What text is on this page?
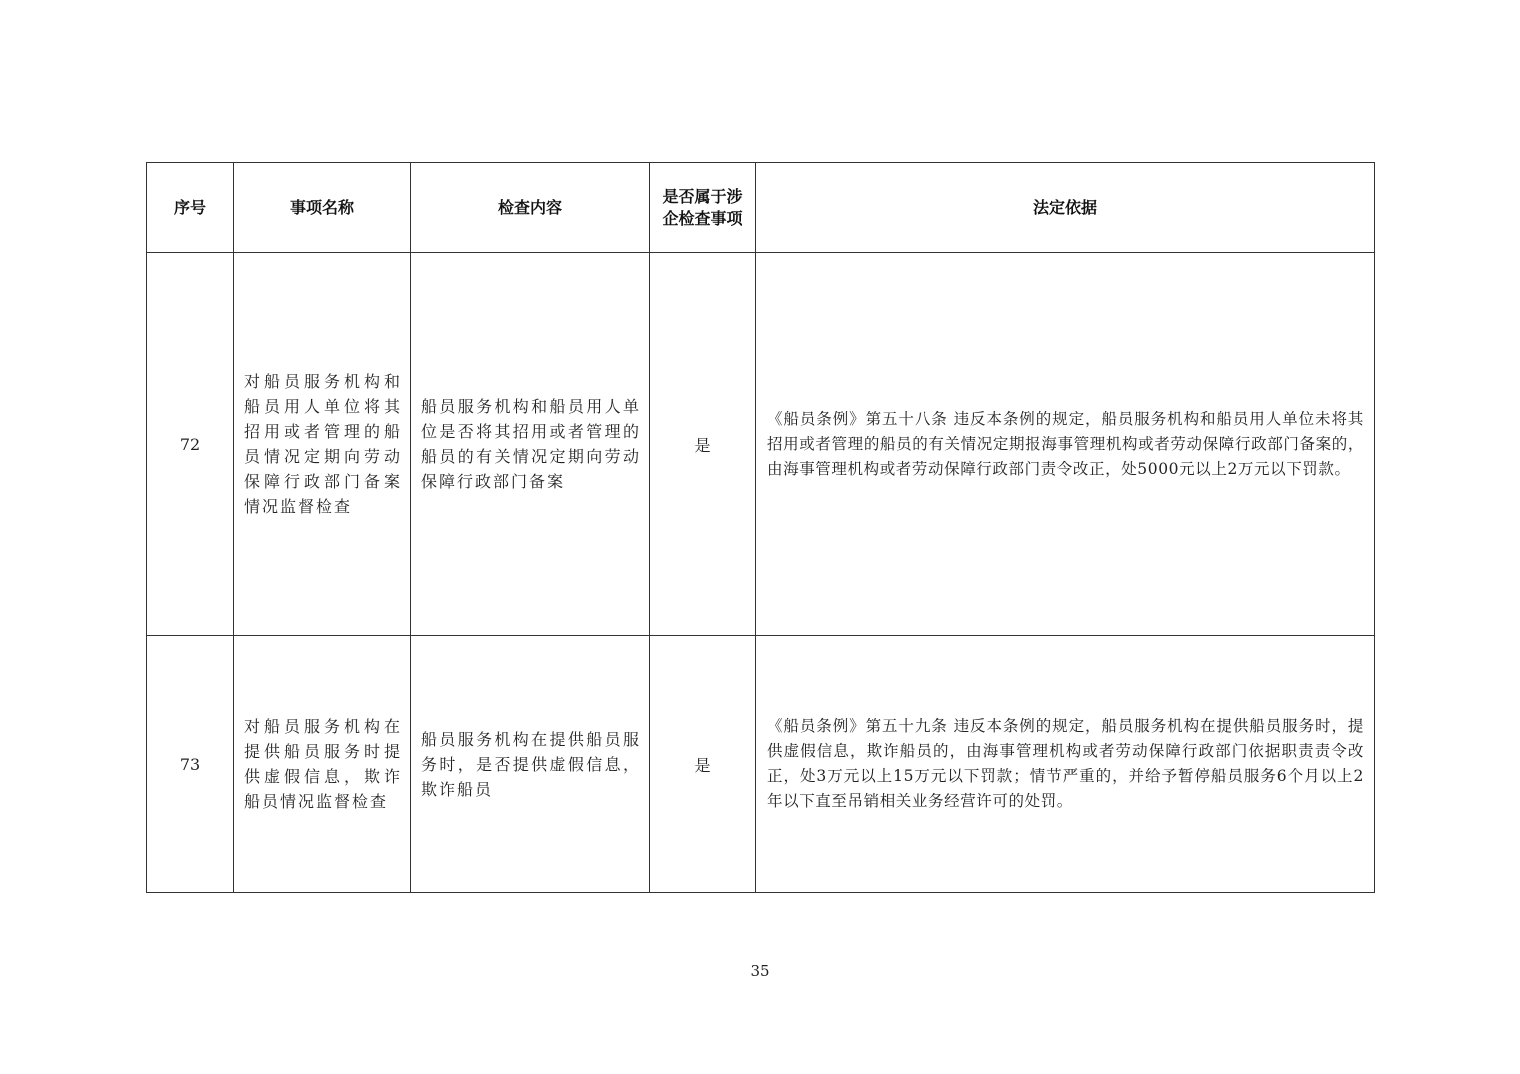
序号	事项名称	检查内容	是否属于涉企检查事项	法定依据
72	对船员服务机构和船员用人单位将其招用或者管理的船员情况定期向劳动保障行政部门备案情况监督检查	船员服务机构和船员用人单位是否将其招用或者管理的船员的有关情况定期向劳动保障行政部门备案	是	《船员条例》第五十八条 违反本条例的规定，船员服务机构和船员用人单位未将其招用或者管理的船员的有关情况定期报海事管理机构或者劳动保障行政部门备案的，由海事管理机构或者劳动保障行政部门责令改正，处5000元以上2万元以下罚款。
73	对船员服务机构在提供船员服务时提供虚假信息，欺诈船员情况监督检查	船员服务机构在提供船员服务时，是否提供虚假信息，欺诈船员	是	《船员条例》第五十九条 违反本条例的规定，船员服务机构在提供船员服务时，提供虚假信息，欺诈船员的，由海事管理机构或者劳动保障行政部门依据职责责令改正，处3万元以上15万元以下罚款；情节严重的，并给予暂停船员服务6个月以上2年以下直至吊销相关业务经营许可的处罚。
35
